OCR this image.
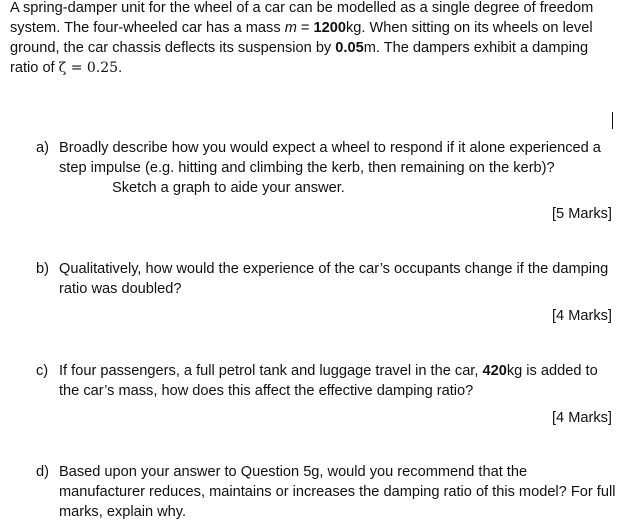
A spring-damper unit for the wheel of a car can be modelled as a single degree of freedom system. The four-wheeled car has a mass m = 1200kg. When sitting on its wheels on level ground, the car chassis deflects its suspension by 0.05m. The dampers exhibit a damping ratio of ζ = 0.25.
a) Broadly describe how you would expect a wheel to respond if it alone experienced a step impulse (e.g. hitting and climbing the kerb, then remaining on the kerb)?
Sketch a graph to aide your answer.
[5 Marks]
b) Qualitatively, how would the experience of the car’s occupants change if the damping ratio was doubled?
[4 Marks]
c) If four passengers, a full petrol tank and luggage travel in the car, 420kg is added to the car’s mass, how does this affect the effective damping ratio?
[4 Marks]
d) Based upon your answer to Question 5g, would you recommend that the manufacturer reduces, maintains or increases the damping ratio of this model? For full marks, explain why.
